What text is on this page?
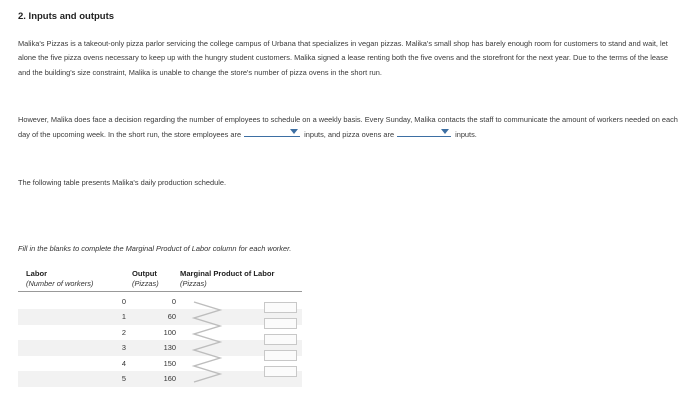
2. Inputs and outputs
Malika's Pizzas is a takeout-only pizza parlor servicing the college campus of Urbana that specializes in vegan pizzas. Malika's small shop has barely enough room for customers to stand and wait, let alone the five pizza ovens necessary to keep up with the hungry student customers. Malika signed a lease renting both the five ovens and the storefront for the next year. Due to the terms of the lease and the building's size constraint, Malika is unable to change the store's number of pizza ovens in the short run.
However, Malika does face a decision regarding the number of employees to schedule on a weekly basis. Every Sunday, Malika contacts the staff to communicate the amount of workers needed on each day of the upcoming week. In the short run, the store employees are	inputs, and pizza ovens are	inputs.
The following table presents Malika's daily production schedule.
Fill in the blanks to complete the Marginal Product of Labor column for each worker.
Labor
(Number of workers)
Output
(Pizzas)
Marginal Product of Labor
(Pizzas)
0	0
1	60
2	100
3	130
4	150
5	160
